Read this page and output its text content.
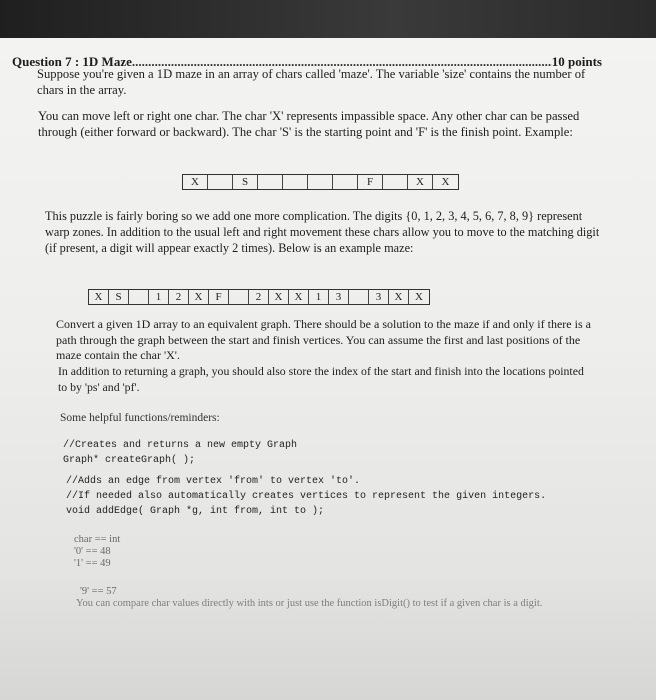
Question 7 : 1D Maze
.....	10 points
Suppose you're given a 1D maze in an array of chars called 'maze'. The variable 'size' contains the number of chars in the array.
You can move left or right one char. The char 'X' represents impassible space. Any other char can be passed through (either forward or backward). The char 'S' is the starting point and 'F' is the finish point. Example:
X	S	F	X	X
This puzzle is fairly boring so we add one more complication. The digits {0, 1, 2, 3, 4, 5, 6, 7, 8, 9} represent warp zones. In addition to the usual left and right movement these chars allow you to move to the matching digit (if present, a digit will appear exactly 2 times). Below is an example maze:
X	S	1	2	X	F	2	X	X	1	3	3	X	X
Convert a given 1D array to an equivalent graph. There should be a solution to the maze if and only if there is a path through the graph between the start and finish vertices. You can assume the first and last positions of the maze contain the char 'X'.
In addition to returning a graph, you should also store the index of the start and finish into the locations pointed to by 'ps' and 'pf'.
Some helpful functions/reminders:
//Creates and returns a new empty Graph
Graph* createGraph( );
//Adds an edge from vertex 'from' to vertex 'to'.
//If needed also automatically creates vertices to represent the given integers.
void addEdge( Graph *g, int from, int to );
char == int
'0' == 48
'1' == 49
'9' == 57
You can compare char values directly with ints or just use the function isDigit() to test if a given char is a digit.
